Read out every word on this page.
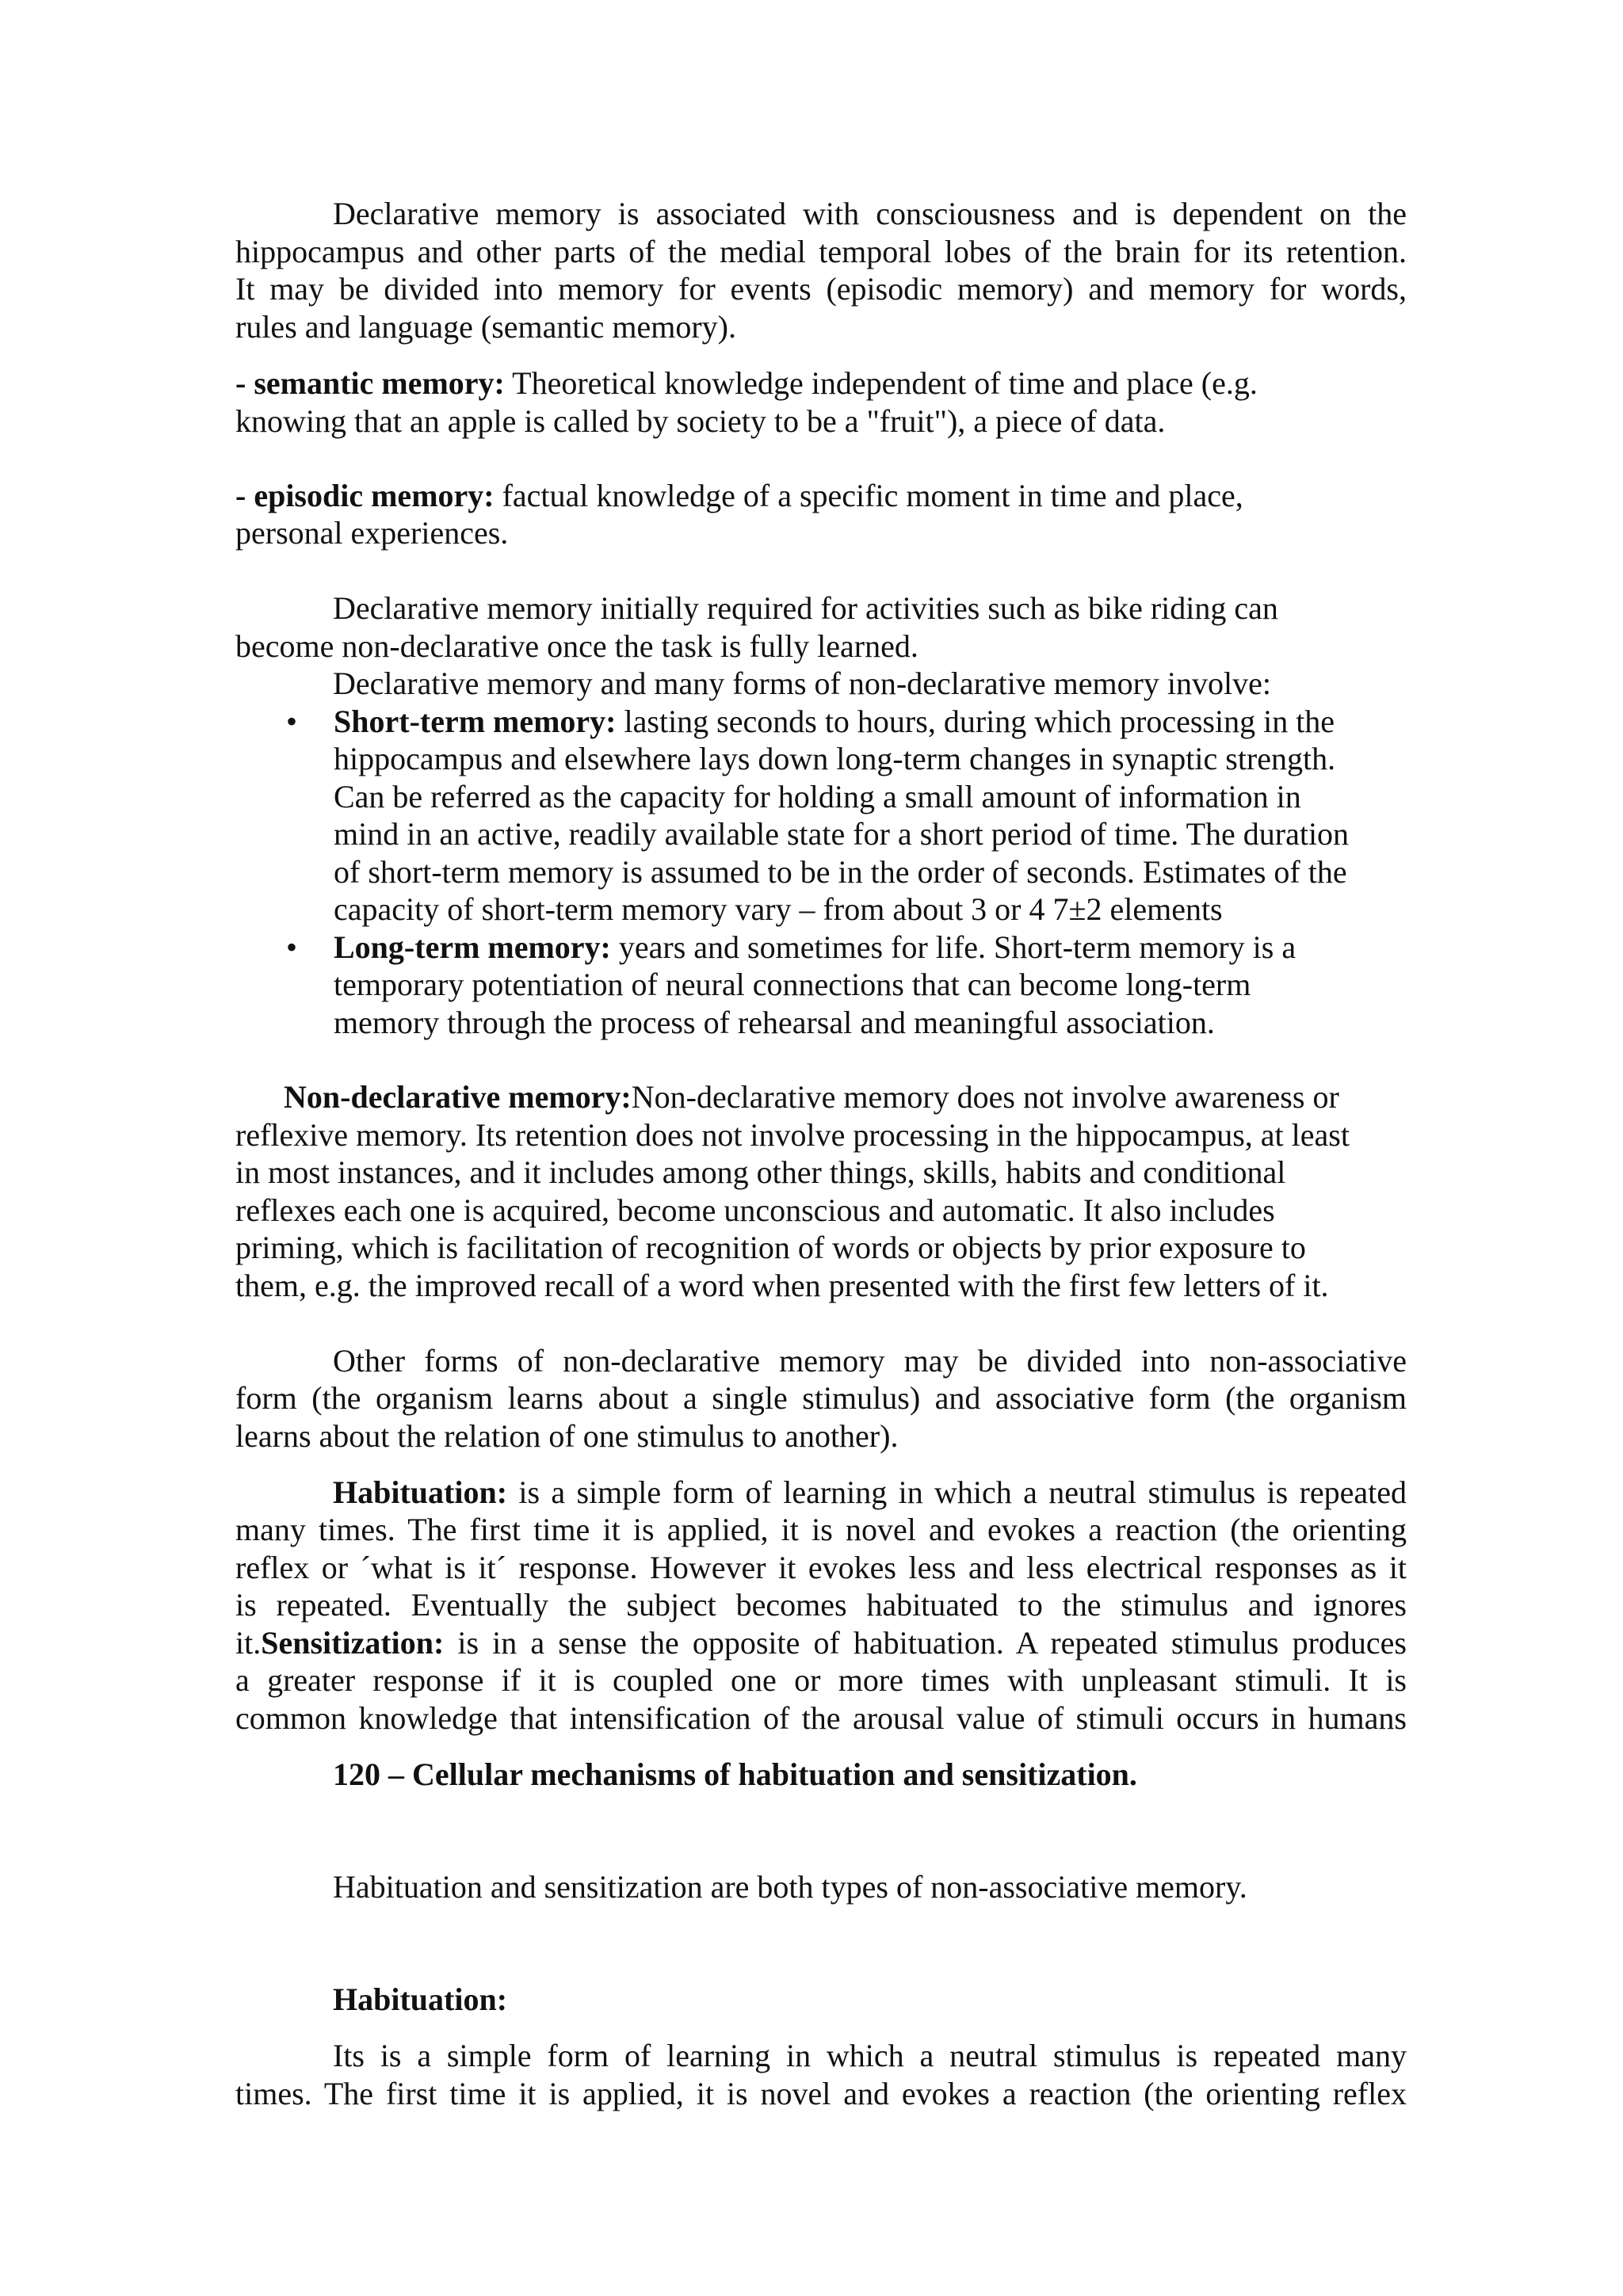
Declarative memory is associated with consciousness and is dependent on the

hippocampus and other parts of the medial temporal lobes of the brain for its retention.

It may be divided into memory for events (episodic memory) and memory for words,

rules and language (semantic memory).

- semantic memory: Theoretical knowledge independent of time and place (e.g.

knowing that an apple is called by society to be a "fruit"), a piece of data.

- episodic memory: factual knowledge of a specific moment in time and place,

personal experiences.

Declarative memory initially required for activities such as bike riding can

become non-declarative once the task is fully learned.

Declarative memory and many forms of non-declarative memory involve:

• Short-term memory: lasting seconds to hours, during which processing in the

hippocampus and elsewhere lays down long-term changes in synaptic strength.

Can be referred as the capacity for holding a small amount of information in

mind in an active, readily available state for a short period of time. The duration

of short-term memory is assumed to be in the order of seconds. Estimates of the

capacity of short-term memory vary – from about 3 or 4 7±2 elements

• Long-term memory: years and sometimes for life. Short-term memory is a

temporary potentiation of neural connections that can become long-term

memory through the process of rehearsal and meaningful association.

Non-declarative memory:Non-declarative memory does not involve awareness or

reflexive memory. Its retention does not involve processing in the hippocampus, at least

in most instances, and it includes among other things, skills, habits and conditional

reflexes each one is acquired, become unconscious and automatic. It also includes

priming, which is facilitation of recognition of words or objects by prior exposure to

them, e.g. the improved recall of a word when presented with the first few letters of it.

Other forms of non-declarative memory may be divided into non-associative

form (the organism learns about a single stimulus) and associative form (the organism

learns about the relation of one stimulus to another).

Habituation: is a simple form of learning in which a neutral stimulus is repeated

many times. The first time it is applied, it is novel and evokes a reaction (the orienting

reflex or ´what is it´ response. However it evokes less and less electrical responses as it

is repeated. Eventually the subject becomes habituated to the stimulus and ignores

it.Sensitization: is in a sense the opposite of habituation. A repeated stimulus produces

a greater response if it is coupled one or more times with unpleasant stimuli. It is

common knowledge that intensification of the arousal value of stimuli occurs in humans

120 – Cellular mechanisms of habituation and sensitization.

Habituation and sensitization are both types of non-associative memory.

Habituation:

Its is a simple form of learning in which a neutral stimulus is repeated many

times. The first time it is applied, it is novel and evokes a reaction (the orienting reflex
